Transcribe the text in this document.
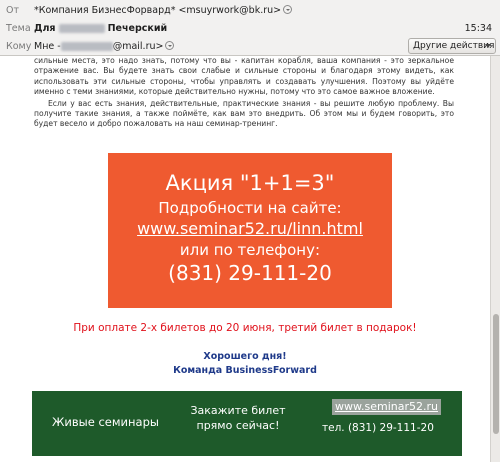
От *Компания БизнесФорвард* <msuyrwork@bk.ru>
Тема Для	Печерский	15:34
Кому Мне -	@mail.ru>	Другие действия

сильные места, это надо знать, потому что вы - капитан корабля, ваша компания - это зеркальное отражение вас. Вы будете знать свои слабые и сильные стороны и благодаря этому видеть, как использовать эти сильные стороны, чтобы управлять и создавать улучшения. Поэтому вы уйдёте именно с теми знаниями, которые действительно нужны, потому что это самое важное вложение.

Если у вас есть знания, действительные, практические знания - вы решите любую проблему. Вы получите такие знания, а также поймёте, как вам это внедрить. Об этом мы и будем говорить, это будет весело и добро пожаловать на наш семинар-тренинг.

Акция "1+1=3"
Подробности на сайте:
www.seminar52.ru/linn.html
или по телефону:
(831) 29-111-20
При оплате 2-х билетов до 20 июня, третий билет в подарок!
Хорошего дня!
Команда BusinessForward
Живые семинары
Закажите билет
прямо сейчас!
www.seminar52.ru
тел. (831) 29-111-20
